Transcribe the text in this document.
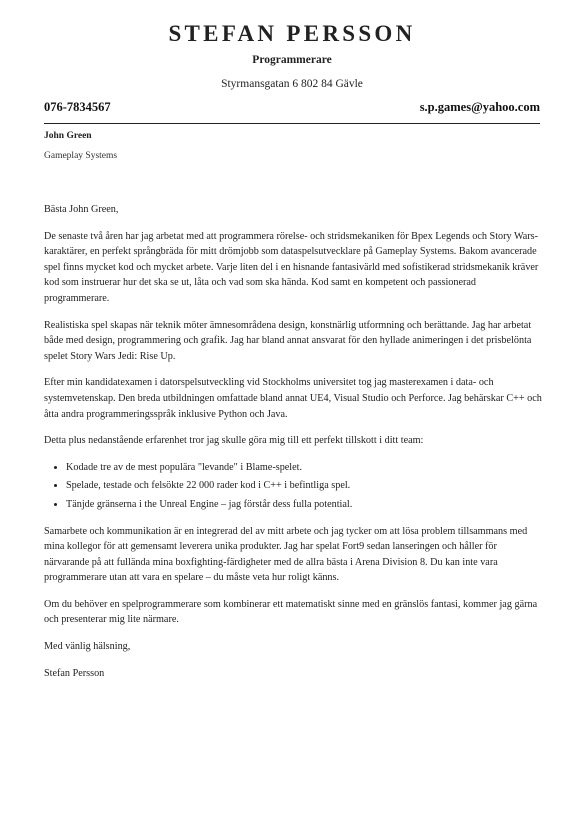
STEFAN PERSSON
Programmerare
Styrmansgatan 6 802 84 Gävle
076-7834567	s.p.games@yahoo.com
John Green
Gameplay Systems

Bästa John Green,

De senaste två åren har jag arbetat med att programmera rörelse- och stridsmekaniken för Bpex Legends och Story Wars-karaktärer, en perfekt språngbräda för mitt drömjobb som dataspelsutvecklare på Gameplay Systems. Bakom avancerade spel finns mycket kod och mycket arbete. Varje liten del i en hisnande fantasivärld med sofistikerad stridsmekanik kräver kod som instruerar hur det ska se ut, låta och vad som ska hända. Kod samt en kompetent och passionerad programmerare.

Realistiska spel skapas när teknik möter ämnesområdena design, konstnärlig utformning och berättande. Jag har arbetat både med design, programmering och grafik. Jag har bland annat ansvarat för den hyllade animeringen i det prisbelönta spelet Story Wars Jedi: Rise Up.

Efter min kandidatexamen i datorspelsutveckling vid Stockholms universitet tog jag masterexamen i data- och systemvetenskap. Den breda utbildningen omfattade bland annat UE4, Visual Studio och Perforce. Jag behärskar C++ och åtta andra programmeringsspråk inklusive Python och Java.

Detta plus nedanstående erfarenhet tror jag skulle göra mig till ett perfekt tillskott i ditt team:

• Kodade tre av de mest populära "levande" i Blame-spelet.
• Spelade, testade och felsökte 22 000 rader kod i C++ i befintliga spel.
• Tänjde gränserna i the Unreal Engine – jag förstår dess fulla potential.

Samarbete och kommunikation är en integrerad del av mitt arbete och jag tycker om att lösa problem tillsammans med mina kollegor för att gemensamt leverera unika produkter. Jag har spelat Fort9 sedan lanseringen och håller för närvarande på att fullända mina boxfighting-färdigheter med de allra bästa i Arena Division 8. Du kan inte vara programmerare utan att vara en spelare – du måste veta hur roligt känns.

Om du behöver en spelprogrammerare som kombinerar ett matematiskt sinne med en gränslös fantasi, kommer jag gärna och presenterar mig lite närmare.

Med vänlig hälsning,

Stefan Persson
